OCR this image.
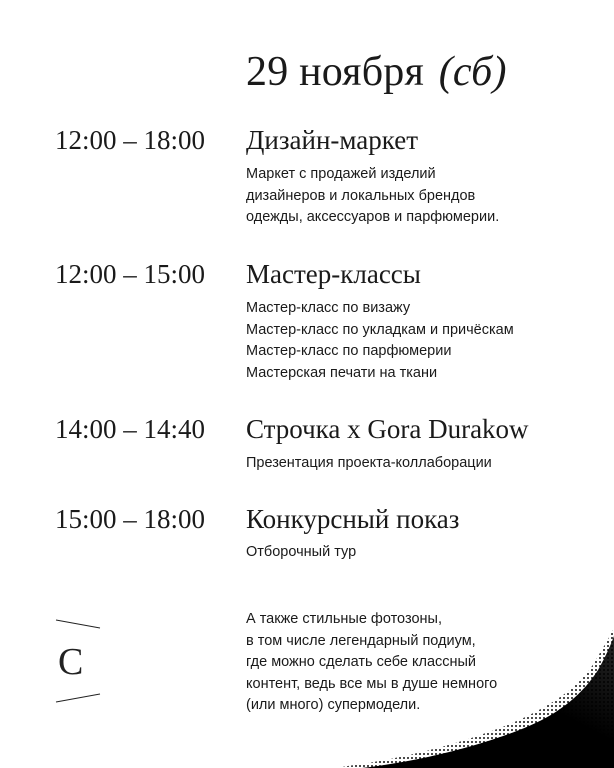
29 ноября (сб)
12:00 – 18:00 Дизайн-маркет
Маркет с продажей изделий
дизайнеров и локальных брендов
одежды, аксессуаров и парфюмерии.
12:00 – 15:00 Мастер-классы
Мастер-класс по визажу
Мастер-класс по укладкам и причёскам
Мастер-класс по парфюмерии
Мастерская печати на ткани
14:00 – 14:40 Строчка x Gora Durakow
Презентация проекта-коллаборации
15:00 – 18:00 Конкурсный показ
Отборочный тур
С
А также стильные фотозоны,
в том числе легендарный подиум,
где можно сделать себе классный
контент, ведь все мы в душе немного
(или много) супермодели.
